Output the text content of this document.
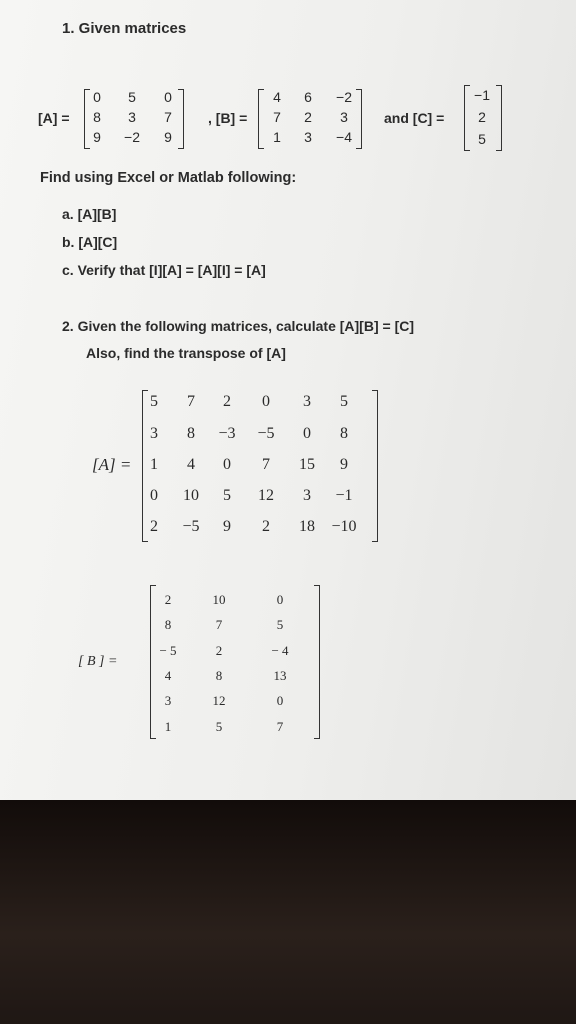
1. Given matrices
[A] =
0	5	0
8	3	7
9	−2	9
, [B] =
4	6	−2
7	2	3
1	3	−4
and [C] =
−1
2
5
Find using Excel or Matlab following:
a. [A][B]
b. [A][C]
c. Verify that [I][A] = [A][I] = [A]
2. Given the following matrices, calculate [A][B] = [C]
Also, find the transpose of [A]
[A] =
5	7	2	0	3	5
3	8	−3	−5	0	8
1	4	0	7	15	9
0	10	5	12	3	−1
2	−5	9	2	18	−10
[ B ] =
2	10	0
8	7	5
− 5	2	− 4
4	8	13
3	12	0
1	5	7
